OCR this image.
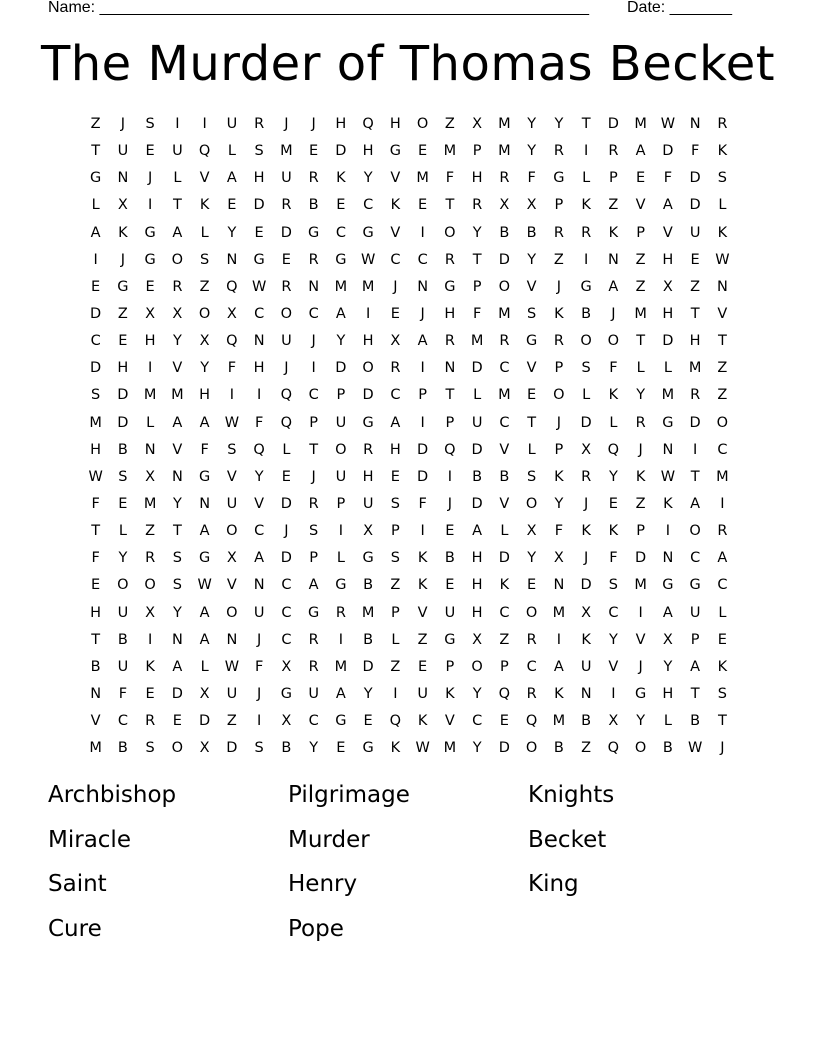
Name: _______________________________________________________ Date: _______
The Murder of Thomas Becket
Z J S I I U R J J H Q H O Z X M Y Y T D M W N R
T U E U Q L S M E D H G E M P M Y R I R A D F K
G N J L V A H U R K Y V M F H R F G L P E F D S
L X I T K E D R B E C K E T R X X P K Z V A D L
A K G A L Y E D G C G V I O Y B B R R K P V U K
I J G O S N G E R G W C C R T D Y Z I N Z H E W
E G E R Z Q W R N M M J N G P O V J G A Z X Z N
D Z X X O X C O C A I E J H F M S K B J M H T V
C E H Y X Q N U J Y H X A R M R G R O O T D H T
D H I V Y F H J I D O R I N D C V P S F L L M Z
S D M M H I I Q C P D C P T L M E O L K Y M R Z
M D L A A W F Q P U G A I P U C T J D L R G D O
H B N V F S Q L T O R H D Q D V L P X Q J N I C
W S X N G V Y E J U H E D I B B S K R Y K W T M
F E M Y N U V D R P U S F J D V O Y J E Z K A I
T L Z T A O C J S I X P I E A L X F K K P I O R
F Y R S G X A D P L G S K B H D Y X J F D N C A
E O O S W V N C A G B Z K E H K E N D S M G G C
H U X Y A O U C G R M P V U H C O M X C I A U L
T B I N A N J C R I B L Z G X Z R I K Y V X P E
B U K A L W F X R M D Z E P O P C A U V J Y A K
N F E D X U J G U A Y I U K Y Q R K N I G H T S
V C R E D Z I X C G E Q K V C E Q M B X Y L B T
M B S O X D S B Y E G K W M Y D O B Z Q O B W J
Archbishop	Pilgrimage	Knights
Miracle	Murder	Becket
Saint	Henry	King
Cure	Pope
